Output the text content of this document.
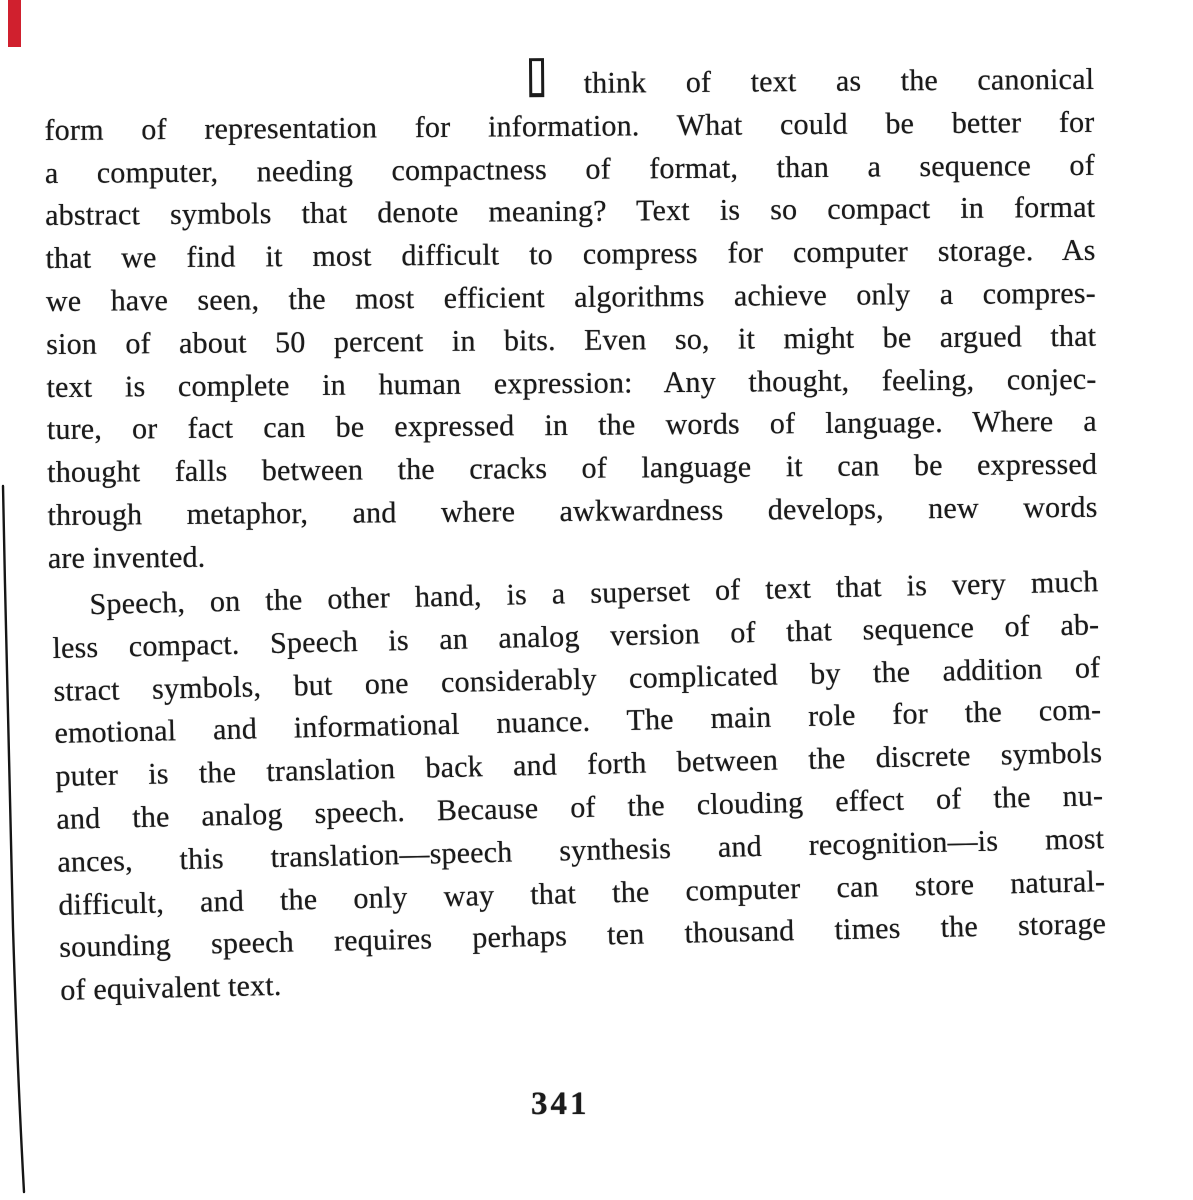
think of text as the canonical
form of representation for information. What could be better for
a computer, needing compactness of format, than a sequence of
abstract symbols that denote meaning? Text is so compact in format
that we find it most difficult to compress for computer storage. As
we have seen, the most efficient algorithms achieve only a compres-
sion of about 50 percent in bits. Even so, it might be argued that
text is complete in human expression: Any thought, feeling, conjec-
ture, or fact can be expressed in the words of language. Where a
thought falls between the cracks of language it can be expressed
through metaphor, and where awkwardness develops, new words
are invented.
Speech, on the other hand, is a superset of text that is very much
less compact. Speech is an analog version of that sequence of ab-
stract symbols, but one considerably complicated by the addition of
emotional and informational nuance. The main role for the com-
puter is the translation back and forth between the discrete symbols
and the analog speech. Because of the clouding effect of the nu-
ances, this translation—speech synthesis and recognition—is most
difficult, and the only way that the computer can store natural-
sounding speech requires perhaps ten thousand times the storage
of equivalent text.
341
